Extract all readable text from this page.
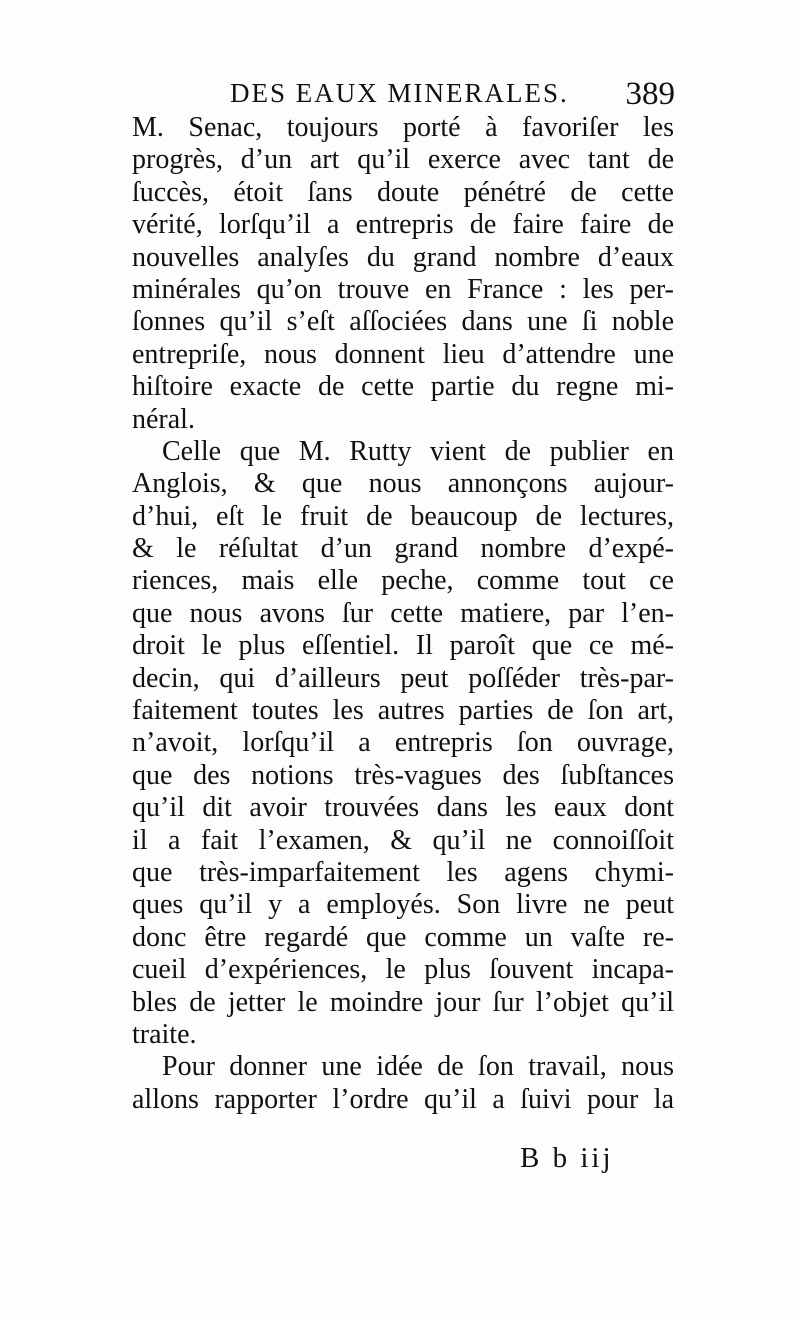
DES EAUX MINERALES. 389
M. Senac, toujours porté à favoriſer les
progrès, d’un art qu’il exerce avec tant de
ſuccès, étoit ſans doute pénétré de cette
vérité, lorſqu’il a entrepris de faire faire de
nouvelles analyſes du grand nombre d’eaux
minérales qu’on trouve en France : les per-
ſonnes qu’il s’eſt aſſociées dans une ſi noble
entrepriſe, nous donnent lieu d’attendre une
hiſtoire exacte de cette partie du regne mi-
néral.
Celle que M. Rutty vient de publier en
Anglois, & que nous annonçons aujour-
d’hui, eſt le fruit de beaucoup de lectures,
& le réſultat d’un grand nombre d’expé-
riences, mais elle peche, comme tout ce
que nous avons ſur cette matiere, par l’en-
droit le plus eſſentiel. Il paroît que ce mé-
decin, qui d’ailleurs peut poſſéder très-par-
faitement toutes les autres parties de ſon art,
n’avoit, lorſqu’il a entrepris ſon ouvrage,
que des notions très-vagues des ſubſtances
qu’il dit avoir trouvées dans les eaux dont
il a fait l’examen, & qu’il ne connoiſſoit
que très-imparfaitement les agens chymi-
ques qu’il y a employés. Son livre ne peut
donc être regardé que comme un vaſte re-
cueil d’expériences, le plus ſouvent incapa-
bles de jetter le moindre jour ſur l’objet qu’il
traite.
Pour donner une idée de ſon travail, nous
allons rapporter l’ordre qu’il a ſuivi pour la
B b iij
